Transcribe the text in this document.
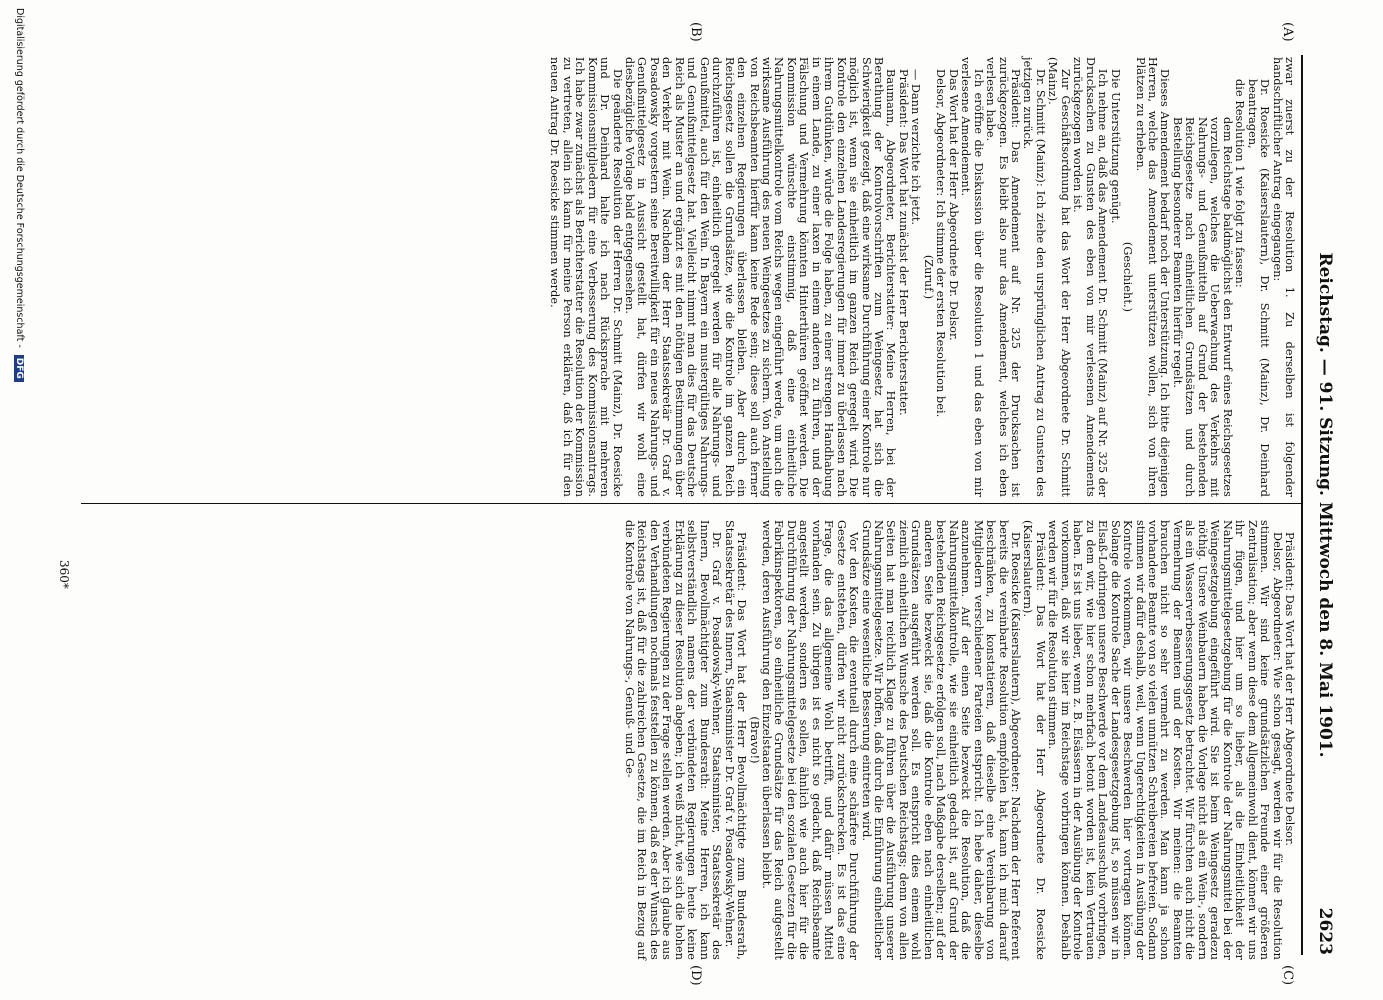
Reichstag. — 91. Sitzung. Mittwoch den 8. Mai 1901.
2623
(A)
(B)
(C)
(D)

zwar zuerst zu der Resolution 1. Zu derselben ist folgender handschriftlicher Antrag eingegangen:

Dr. Roesicke (Kaiserslautern), Dr. Schmitt (Mainz), Dr. Deinhard beantragen,

die Resolution 1 wie folgt zu fassen:

dem Reichstage baldmöglichst den Entwurf eines Reichsgesetzes vorzulegen, welches die Ueberwachung des Verkehrs mit Nahrungs- und Genußmitteln auf Grund der bestehenden Reichsgesetze nach einheitlichen Grundsätzen und durch Bestellung besonderer Beamten hierfür regelt.

Dieses Amendement bedarf noch der Unterstützung. Ich bitte diejenigen Herren, welche das Amendement unterstützen wollen, sich von ihren Plätzen zu erheben.

(Geschieht.)

Die Unterstützung genügt.

Ich nehme an, daß das Amendement Dr. Schmitt (Mainz) auf Nr. 325 der Drucksachen zu Gunsten des eben von mir verlesenen Amendements zurückgezogen worden ist.

Zur Geschäftsordnung hat das Wort der Herr Abgeordnete Dr. Schmitt (Mainz).

Dr. Schmitt (Mainz): Ich ziehe den ursprünglichen Antrag zu Gunsten des jetzigen zurück.

Präsident: Das Amendement auf Nr. 325 der Drucksachen ist zurückgezogen. Es bleibt also nur das Amendement, welches ich eben verlesen habe.

Ich eröffne die Diskussion über die Resolution 1 und das eben von mir verlesene Amendement.

Das Wort hat der Herr Abgeordnete Dr. Delsor.

Delsor, Abgeordneter: Ich stimme der ersten Resolution bei.

(Zuruf.)

— Dann verzichte ich jetzt.

Präsident: Das Wort hat zunächst der Herr Berichterstatter.

Baumann, Abgeordneter, Berichterstatter: Meine Herren, bei der Berathung der Kontrolvorschriften zum Weingesetz hat sich die Schwierigkeit gezeigt, daß eine wirksame Durchführung einer Kontrole nur möglich ist, wenn sie einheitlich im ganzen Reich geregelt wird. Die Kontrole den einzelnen Landesregierungen für immer zu überlassen nach ihrem Gutdünken, würde die Folge haben, zu einer strengen Handhabung in einem Lande, zu einer laxen in einem anderen zu führen, und der Fälschung und Vermehrung könnten Hinterthüren geöffnet werden. Die Kommission wünschte einstimmig, daß eine einheitliche Nahrungsmittelkontrole vom Reichs wegen eingeführt werde, um auch die wirksame Ausführung des neuen Weingesetzes zu sichern. Von Anstellung von Reichsbeamten hierfür kann keine Rede sein; diese soll auch ferner den einzelnen Regierungen überlassen bleiben. Aber durch ein Reichsgesetz sollen die Grundsätze, wie die Kontrole im ganzen Reich durchzuführen ist, einheitlich geregelt werden für alle Nahrungs- und Genußmittel, auch für den Wein. In Bayern ein mustergültiges Nahrungs- und Genußmittelgesetz hat. Vielleicht nimmt man dies für das Deutsche Reich als Muster an und ergänzt es mit den nöthigen Bestimmungen über den Verkehr mit Wein. Nachdem der Herr Staatssekretär Dr. Graf v. Posadowsky vorgestern seine Bereitwilligkeit für ein neues Nahrungs- und Genußmittelgesetz in Aussicht gestellt hat, dürfen wir wohl eine diesbezügliche Vorlage bald entgegensehen.

Die geänderte Resolution der Herren Dr. Schmitt (Mainz), Dr. Roesicke und Dr. Deinhard halte ich nach Rücksprache mit mehreren Kommissionsmitgliedern für eine Verbesserung des Kommissionsantrags. Ich habe zwar zunächst als Berichterstatter die Resolution der Kommission zu vertreten, allein ich kann für meine Person erklären, daß ich für den neuen Antrag Dr. Roesicke stimmen werde.

Präsident: Das Wort hat der Herr Abgeordnete Delsor.

Delsor, Abgeordneter: Wie schon gesagt, werden wir für die Resolution stimmen. Wir sind keine grundsätzlichen Freunde einer größeren Zentralisation; aber wenn diese dem Allgemeinwohl dient, können wir uns ihr fügen, und hier um so lieber, als die Einheitlichkeit der Nahrungsmittelgesetzgebung für die Kontrole der Nahrungsmittel bei der Weingesetzgebung eingeführt wird. Sie ist beim Weingesetz geradezu nöthig. Unsere Weinbauern haben die Vorlage nicht als ein Wein-, sondern als ein Wasserverbesserungsgesetz betrachtet. Wir fürchten auch nicht die Vermehrung der Beamten und der Kosten. Wir meinen: die Beamten brauchen nicht so sehr vermehrt zu werden. Man kann ja schon vorhandene Beamte von so vielen unnützen Schreibereien befreien. Sodann stimmen wir dafür deshalb, weil, wenn Ungerechtigkeiten in Ausübung der Kontrole vorkommen, wir unsere Beschwerden hier vortragen können. Solange die Kontrole Sache der Landesgesetzgebung ist, so müssen wir in Elsaß-Lothringen unsere Beschwerde vor dem Landesausschuß vorbringen, zu dem wir, wie hier schon mehrfach betont worden ist, kein Vertrauen haben. Es ist uns lieber, wenn z. B. Elsässern in der Ausübung der Kontrole vorkommen, daß wir sie hier im Reichstage vorbringen können. Deshalb werden wir für die Resolution stimmen.

Präsident: Das Wort hat der Herr Abgeordnete Dr. Roesicke (Kaiserslautern).

Dr. Roesicke (Kaiserslautern), Abgeordneter: Nachdem der Herr Referent bereits die vereinbarte Resolution empfohlen hat, kann ich mich darauf beschränken, zu konstatieren, daß dieselbe eine Vereinbarung von Mitgliedern verschiedener Parteien entspricht. Ich hebe daher, dieselbe anzunehmen. Auf der einen Seite bezweckt die Resolution, daß die Nahrungsmittelkontrolle, wie sie einheitlich gedacht ist, auf Grund der bestehenden Reichsgesetze erfolgen soll, nach Maßgabe derselben; auf der anderen Seite bezweckt sie, daß die Kontrole eben nach einheitlichen Grundsätzen ausgeführt werden soll. Es entspricht dies einem wohl ziemlich einheitlichen Wunsche des Deutschen Reichstags; denn von allen Seiten hat man reichlich Klage zu führen über die Ausführung unserer Nahrungsmittelgesetze. Wir hoffen, daß durch die Einführung einheitlicher Grundsätze eine wesentliche Besserung eintreten wird.

Vor den Kosten, die eventuell durch eine schärfere Durchführung der Gesetze entstehen, dürfen wir nicht zurückschrecken. Es ist das eine Frage, die das allgemeine Wohl betrifft, und dafür müssen Mittel vorhanden sein. Zu übrigen ist es nicht so gedacht, daß Reichsbeamte angestellt werden, sondern es sollen, ähnlich wie auch hier für die Durchführung der Nahrungsmittelgesetze bei den sozialen Gesetzen für die Fabrikinspektoren, so einheitliche Grundsätze für das Reich aufgestellt werden, deren Ausführung den Einzelstaaten überlassen bleibt.

(Bravo!)

Präsident: Das Wort hat der Herr Bevollmächtigte zum Bundesrath, Staatssekretär des Innern, Staatsminister Dr. Graf v. Posadowsky-Wehner.

Dr. Graf v. Posadowsky-Wehner, Staatsminister, Staatssekretär des Innern, Bevollmächtigter zum Bundesrath: Meine Herren, ich kann selbstverständlich namens der verbündeten Regierungen heute keine Erklärung zu dieser Resolution abgeben; ich weiß nicht, wie sich die hohen verbündeten Regierungen zu der Frage stellen werden. Aber ich glaube aus den Verhandlungen nochmals feststellen zu können, daß es der Wunsch des Reichstags ist, daß für die zahlreichen Gesetze, die im Reich in Bezug auf die Kontrole von Nahrungs-, Genuß- und Ge-

360*
Digitalisierung gefördert durch die Deutsche Forschungsgemeinschaft - DFG
